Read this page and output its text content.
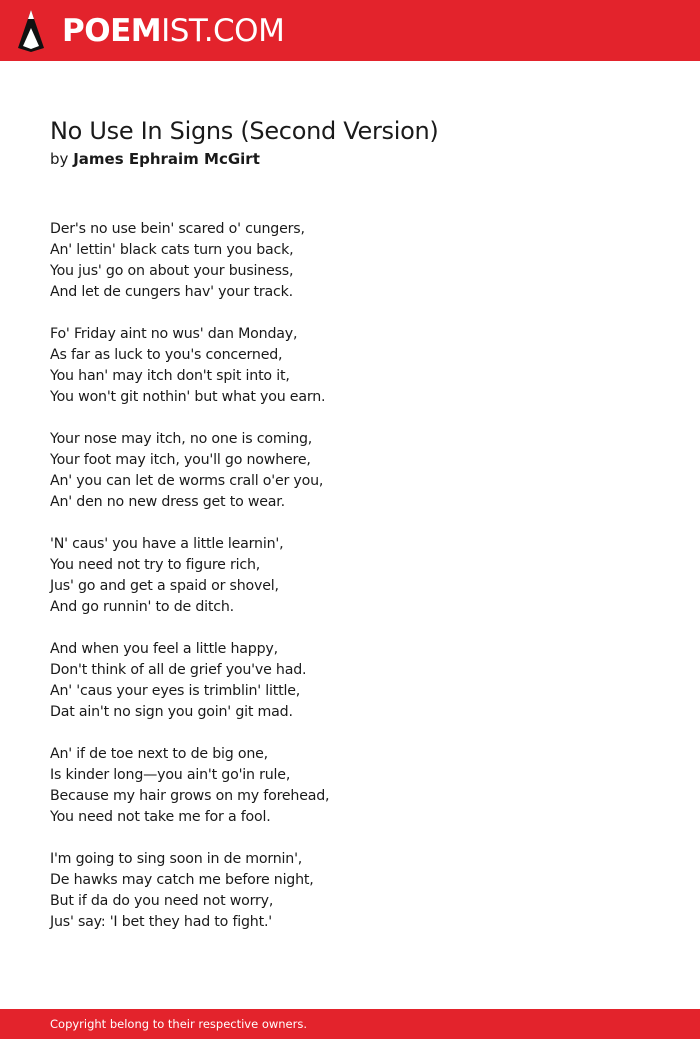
POEMIST.COM
No Use In Signs (Second Version)
by James Ephraim McGirt
Der's no use bein' scared o' cungers,
An' lettin' black cats turn you back,
You jus' go on about your business,
And let de cungers hav' your track.
Fo' Friday aint no wus' dan Monday,
As far as luck to you's concerned,
You han' may itch don't spit into it,
You won't git nothin' but what you earn.
Your nose may itch, no one is coming,
Your foot may itch, you'll go nowhere,
An' you can let de worms crall o'er you,
An' den no new dress get to wear.
'N' caus' you have a little learnin',
You need not try to figure rich,
Jus' go and get a spaid or shovel,
And go runnin' to de ditch.
And when you feel a little happy,
Don't think of all de grief you've had.
An' 'caus your eyes is trimblin' little,
Dat ain't no sign you goin' git mad.
An' if de toe next to de big one,
Is kinder long—you ain't go'in rule,
Because my hair grows on my forehead,
You need not take me for a fool.
I'm going to sing soon in de mornin',
De hawks may catch me before night,
But if da do you need not worry,
Jus' say: 'I bet they had to fight.'
Copyright belong to their respective owners.
